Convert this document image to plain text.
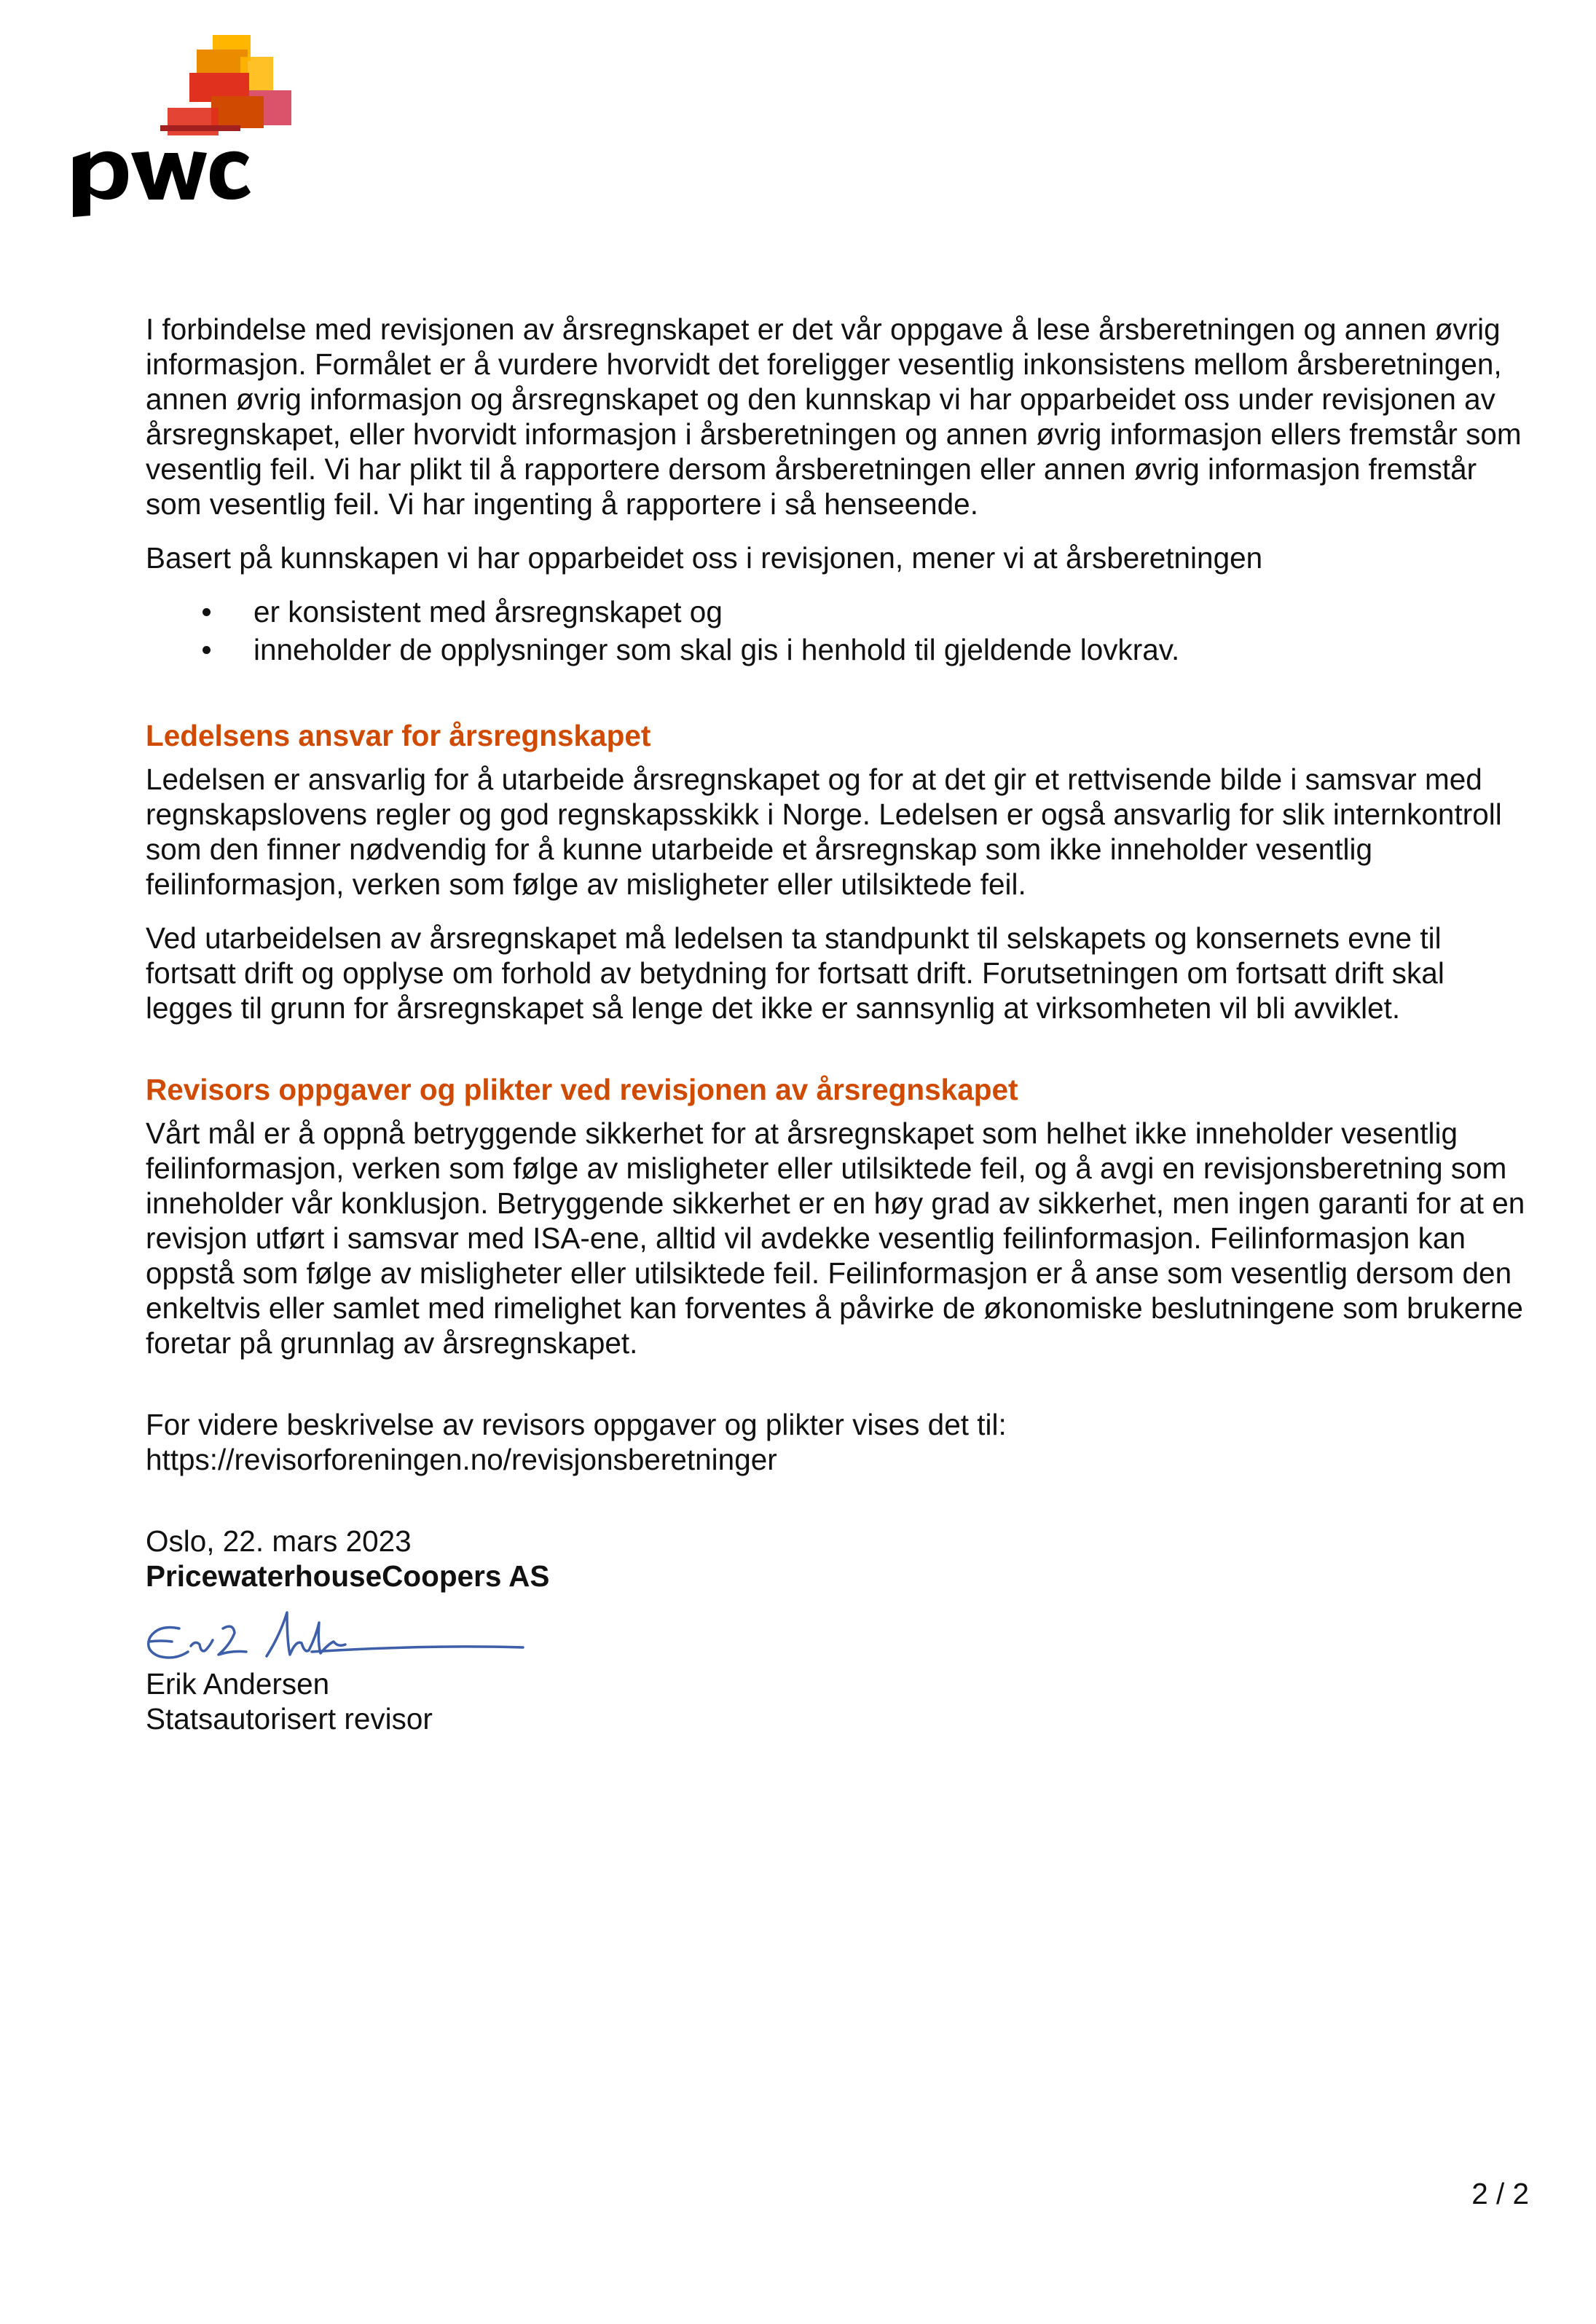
I forbindelse med revisjonen av årsregnskapet er det vår oppgave å lese årsberetningen og annen øvrig informasjon. Formålet er å vurdere hvorvidt det foreligger vesentlig inkonsistens mellom årsberetningen, annen øvrig informasjon og årsregnskapet og den kunnskap vi har opparbeidet oss under revisjonen av årsregnskapet, eller hvorvidt informasjon i årsberetningen og annen øvrig informasjon ellers fremstår som vesentlig feil. Vi har plikt til å rapportere dersom årsberetningen eller annen øvrig informasjon fremstår som vesentlig feil. Vi har ingenting å rapportere i så henseende.

Basert på kunnskapen vi har opparbeidet oss i revisjonen, mener vi at årsberetningen

er konsistent med årsregnskapet og
inneholder de opplysninger som skal gis i henhold til gjeldende lovkrav.
Ledelsens ansvar for årsregnskapet

Ledelsen er ansvarlig for å utarbeide årsregnskapet og for at det gir et rettvisende bilde i samsvar med regnskapslovens regler og god regnskapsskikk i Norge. Ledelsen er også ansvarlig for slik internkontroll som den finner nødvendig for å kunne utarbeide et årsregnskap som ikke inneholder vesentlig feilinformasjon, verken som følge av misligheter eller utilsiktede feil.

Ved utarbeidelsen av årsregnskapet må ledelsen ta standpunkt til selskapets og konsernets evne til fortsatt drift og opplyse om forhold av betydning for fortsatt drift. Forutsetningen om fortsatt drift skal legges til grunn for årsregnskapet så lenge det ikke er sannsynlig at virksomheten vil bli avviklet.

Revisors oppgaver og plikter ved revisjonen av årsregnskapet

Vårt mål er å oppnå betryggende sikkerhet for at årsregnskapet som helhet ikke inneholder vesentlig feilinformasjon, verken som følge av misligheter eller utilsiktede feil, og å avgi en revisjonsberetning som inneholder vår konklusjon. Betryggende sikkerhet er en høy grad av sikkerhet, men ingen garanti for at en revisjon utført i samsvar med ISA-ene, alltid vil avdekke vesentlig feilinformasjon. Feilinformasjon kan oppstå som følge av misligheter eller utilsiktede feil. Feilinformasjon er å anse som vesentlig dersom den enkeltvis eller samlet med rimelighet kan forventes å påvirke de økonomiske beslutningene som brukerne foretar på grunnlag av årsregnskapet.

For videre beskrivelse av revisors oppgaver og plikter vises det til:
https://revisorforeningen.no/revisjonsberetninger

Oslo, 22. mars 2023

PricewaterhouseCoopers AS

Erik Andersen

Statsautorisert revisor

2 / 2
